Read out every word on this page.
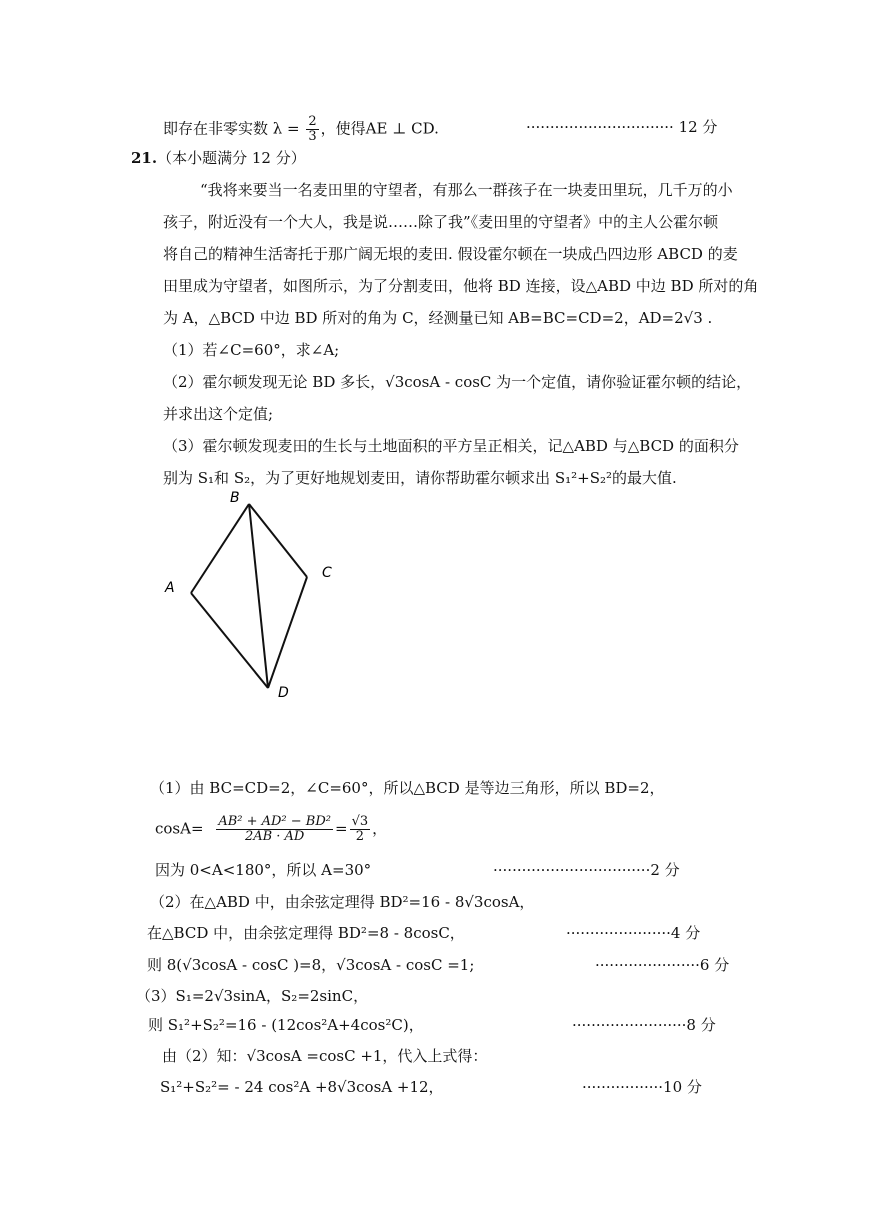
即存在非零实数 $\lambda = \frac{2}{3}$ ，使得AE ⊥ CD.	······························· 12 分
21.（本小题满分 12 分）
“我将来要当一名麦田里的守望者，有那么一群孩子在一块麦田里玩，几千万的小
孩子，附近没有一个大人，我是说……除了我”《麦田里的守望者》中的主人公霍尔顿
将自己的精神生活寄托于那广阔无垠的麦田. 假设霍尔顿在一块成凸四边形 ABCD 的麦
田里成为守望者，如图所示，为了分割麦田，他将 BD 连接，设△ABD 中边 BD 所对的角
为 A，△BCD 中边 BD 所对的角为 C，经测量已知 AB=BC=CD=2，AD=2√3 .
（1）若∠C=60°，求∠A;
（2）霍尔顿发现无论 BD 多长，√3cosA - cosC 为一个定值，请你验证霍尔顿的结论，
并求出这个定值;
（3）霍尔顿发现麦田的生长与土地面积的平方呈正相关，记△ABD 与△BCD 的面积分
别为 S₁和 S₂，为了更好地规划麦田，请你帮助霍尔顿求出 S₁²+S₂²的最大值.
B
A
C
D
（1）由 BC=CD=2，∠C=60°，所以△BCD 是等边三角形，所以 BD=2，
$\cos A= \frac{\text{AB² + AD² − BD²}}{2AB \cdot AD} = \frac{√3}{2}$ ，
因为 0<A<180°，所以 A=30°	·································2 分
（2）在△ABD 中，由余弦定理得 BD²=16 - 8√3cosA，
在△BCD 中，由余弦定理得 BD²=8 - 8cosC，	······················4 分
则 8(√3cosA - cosC )=8，√3cosA - cosC =1;	······················6 分
（3）S₁=2√3sinA，S₂=2sinC，
则 S₁²+S₂²=16 - (12cos²A+4cos²C)，	························8 分
由（2）知：√3cosA =cosC +1，代入上式得：
S₁²+S₂²= - 24 cos²A +8√3cosA +12，	·················10 分
